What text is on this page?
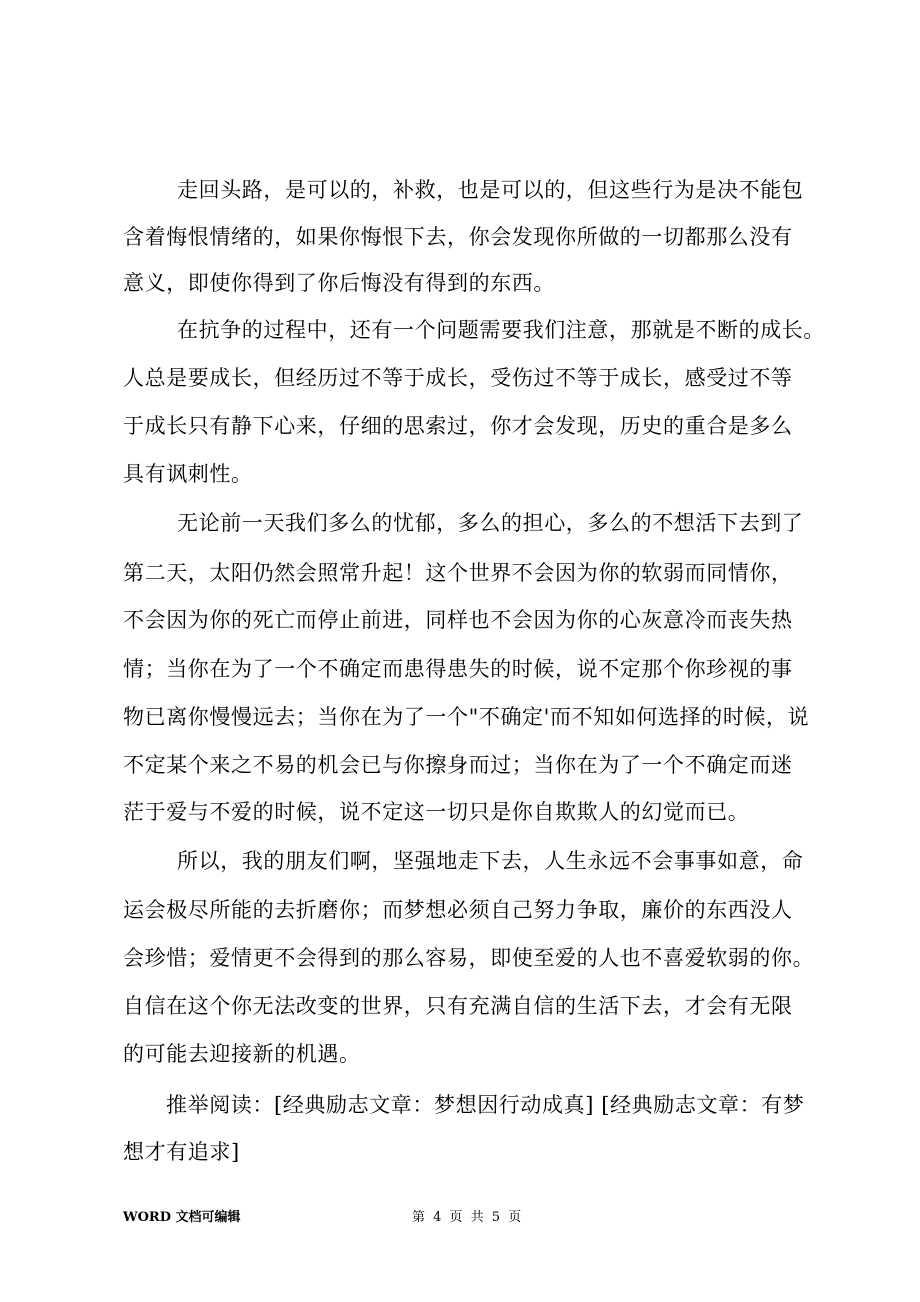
走回头路，是可以的，补救，也是可以的，但这些行为是决不能包
含着悔恨情绪的，如果你悔恨下去，你会发现你所做的一切都那么没有
意义，即使你得到了你后悔没有得到的东西。
在抗争的过程中，还有一个问题需要我们注意，那就是不断的成长。
人总是要成长，但经历过不等于成长，受伤过不等于成长，感受过不等
于成长只有静下心来，仔细的思索过，你才会发现，历史的重合是多么
具有讽刺性。
无论前一天我们多么的忧郁，多么的担心，多么的不想活下去到了
第二天，太阳仍然会照常升起！这个世界不会因为你的软弱而同情你，
不会因为你的死亡而停止前进，同样也不会因为你的心灰意冷而丧失热
情；当你在为了一个不确定而患得患失的时候，说不定那个你珍视的事
物已离你慢慢远去；当你在为了一个"不确定'而不知如何选择的时候，说
不定某个来之不易的机会已与你擦身而过；当你在为了一个不确定而迷
茫于爱与不爱的时候，说不定这一切只是你自欺欺人的幻觉而已。
所以，我的朋友们啊，坚强地走下去，人生永远不会事事如意，命
运会极尽所能的去折磨你；而梦想必须自己努力争取，廉价的东西没人
会珍惜；爱情更不会得到的那么容易，即使至爱的人也不喜爱软弱的你。
自信在这个你无法改变的世界，只有充满自信的生活下去，才会有无限
的可能去迎接新的机遇。
推举阅读：[经典励志文章：梦想因行动成真] [经典励志文章：有梦
想才有追求]
WORD 文档可编辑	第 4 页 共 5 页
